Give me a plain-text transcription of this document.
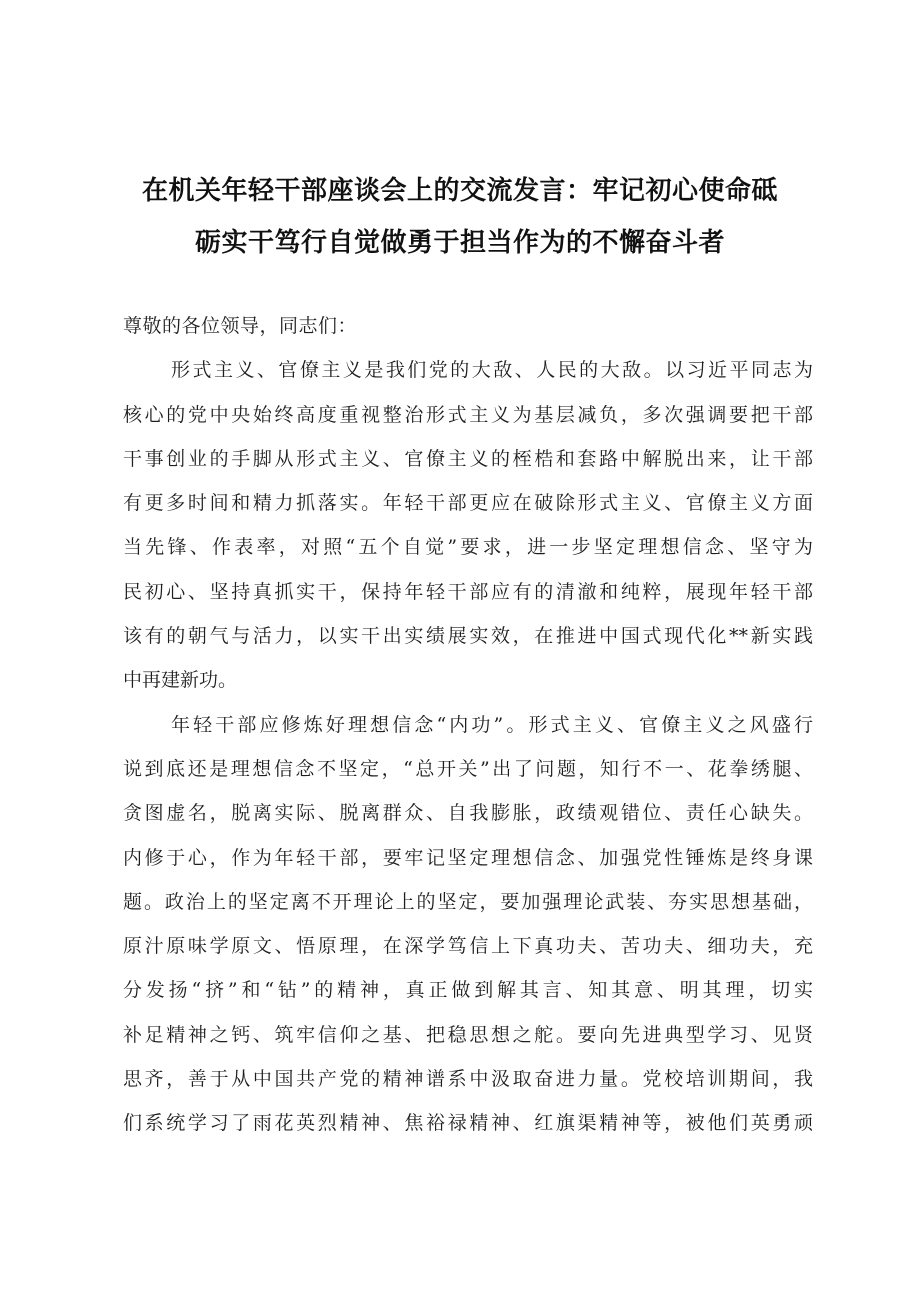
在机关年轻干部座谈会上的交流发言：牢记初心使命砥
砺实干笃行自觉做勇于担当作为的不懈奋斗者

尊敬的各位领导，同志们：

形式主义、官僚主义是我们党的大敌、人民的大敌。以习近平同志为
核心的党中央始终高度重视整治形式主义为基层减负，多次强调要把干部
干事创业的手脚从形式主义、官僚主义的桎梏和套路中解脱出来，让干部
有更多时间和精力抓落实。年轻干部更应在破除形式主义、官僚主义方面
当先锋、作表率，对照“五个自觉”要求，进一步坚定理想信念、坚守为
民初心、坚持真抓实干，保持年轻干部应有的清澈和纯粹，展现年轻干部
该有的朝气与活力，以实干出实绩展实效，在推进中国式现代化**新实践
中再建新功。
年轻干部应修炼好理想信念“内功”。形式主义、官僚主义之风盛行
说到底还是理想信念不坚定，“总开关”出了问题，知行不一、花拳绣腿、
贪图虚名，脱离实际、脱离群众、自我膨胀，政绩观错位、责任心缺失。
内修于心，作为年轻干部，要牢记坚定理想信念、加强党性锤炼是终身课
题。政治上的坚定离不开理论上的坚定，要加强理论武装、夯实思想基础，
原汁原味学原文、悟原理，在深学笃信上下真功夫、苦功夫、细功夫，充
分发扬“挤”和“钻”的精神，真正做到解其言、知其意、明其理，切实
补足精神之钙、筑牢信仰之基、把稳思想之舵。要向先进典型学习、见贤
思齐，善于从中国共产党的精神谱系中汲取奋进力量。党校培训期间，我
们系统学习了雨花英烈精神、焦裕禄精神、红旗渠精神等，被他们英勇顽
